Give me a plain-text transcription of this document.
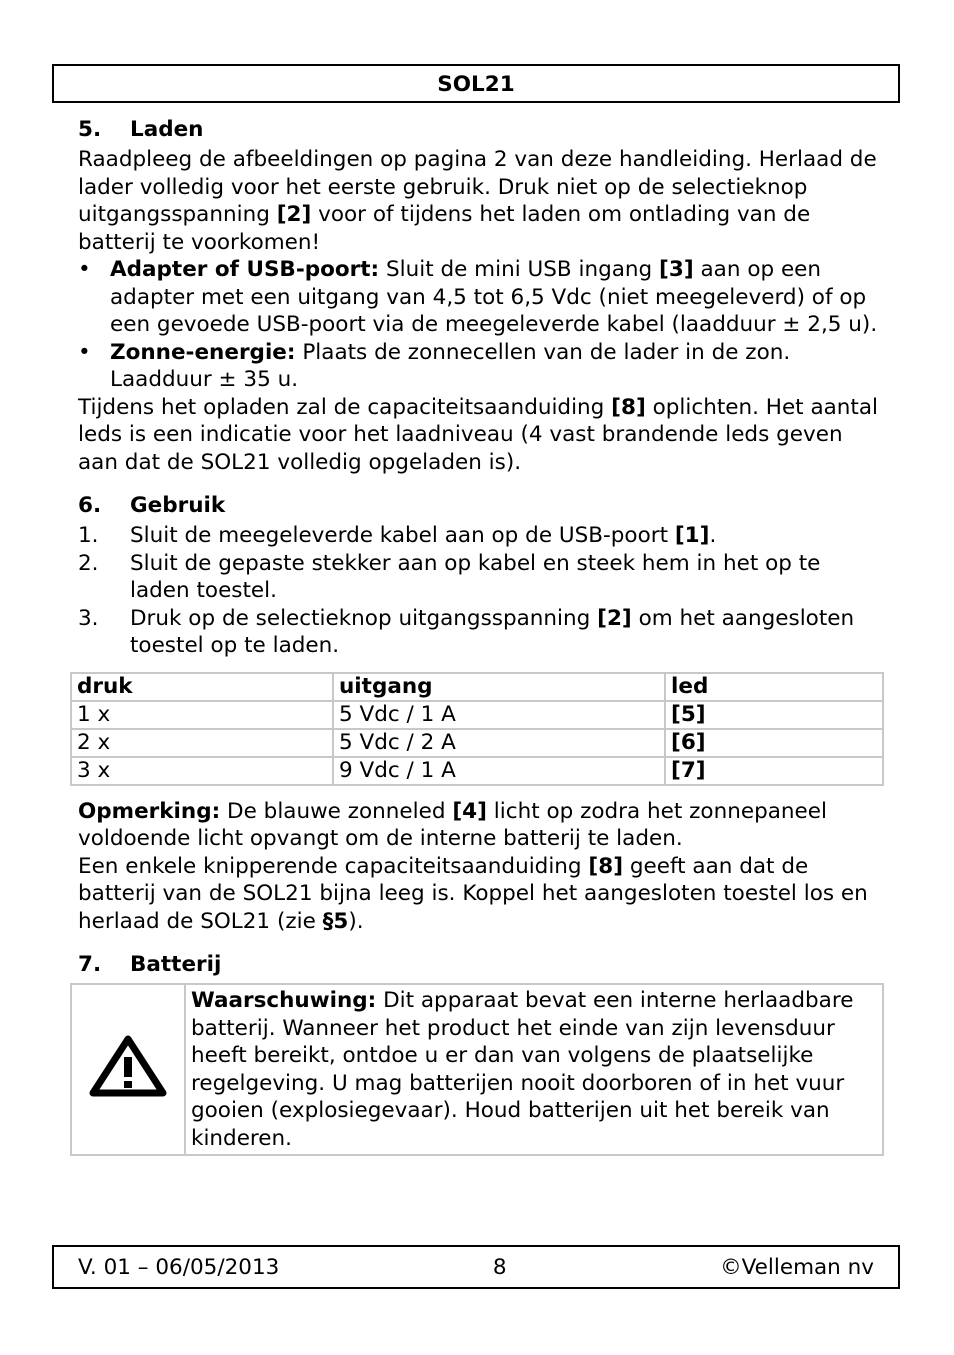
SOL21
5.	Laden

Raadpleeg de afbeeldingen op pagina 2 van deze handleiding. Herlaad de lader volledig voor het eerste gebruik. Druk niet op de selectieknop uitgangsspanning [2] voor of tijdens het laden om ontlading van de batterij te voorkomen!

• Adapter of USB-poort: Sluit de mini USB ingang [3] aan op een adapter met een uitgang van 4,5 tot 6,5 Vdc (niet meegeleverd) of op een gevoede USB-poort via de meegeleverde kabel (laadduur ± 2,5 u).
• Zonne-energie: Plaats de zonnecellen van de lader in de zon. Laadduur ± 35 u.

Tijdens het opladen zal de capaciteitsaanduiding [8] oplichten. Het aantal leds is een indicatie voor het laadniveau (4 vast brandende leds geven aan dat de SOL21 volledig opgeladen is).

6.	Gebruik
1. Sluit de meegeleverde kabel aan op de USB-poort [1].
2. Sluit de gepaste stekker aan op kabel en steek hem in het op te laden toestel.
3. Druk op de selectieknop uitgangsspanning [2] om het aangesloten toestel op te laden.
druk	uitgang	led
1 x	5 Vdc / 1 A	[5]
2 x	5 Vdc / 2 A	[6]
3 x	9 Vdc / 1 A	[7]

Opmerking: De blauwe zonneled [4] licht op zodra het zonnepaneel voldoende licht opvangt om de interne batterij te laden.

Een enkele knipperende capaciteitsaanduiding [8] geeft aan dat de batterij van de SOL21 bijna leeg is. Koppel het aangesloten toestel los en herlaad de SOL21 (zie §5).

7.	Batterij
	Waarschuwing: Dit apparaat bevat een interne herlaadbare batterij. Wanneer het product het einde van zijn levensduur heeft bereikt, ontdoe u er dan van volgens de plaatselijke regelgeving. U mag batterijen nooit doorboren of in het vuur gooien (explosiegevaar). Houd batterijen uit het bereik van kinderen.
V. 01 – 06/05/2013	8	©Velleman nv
